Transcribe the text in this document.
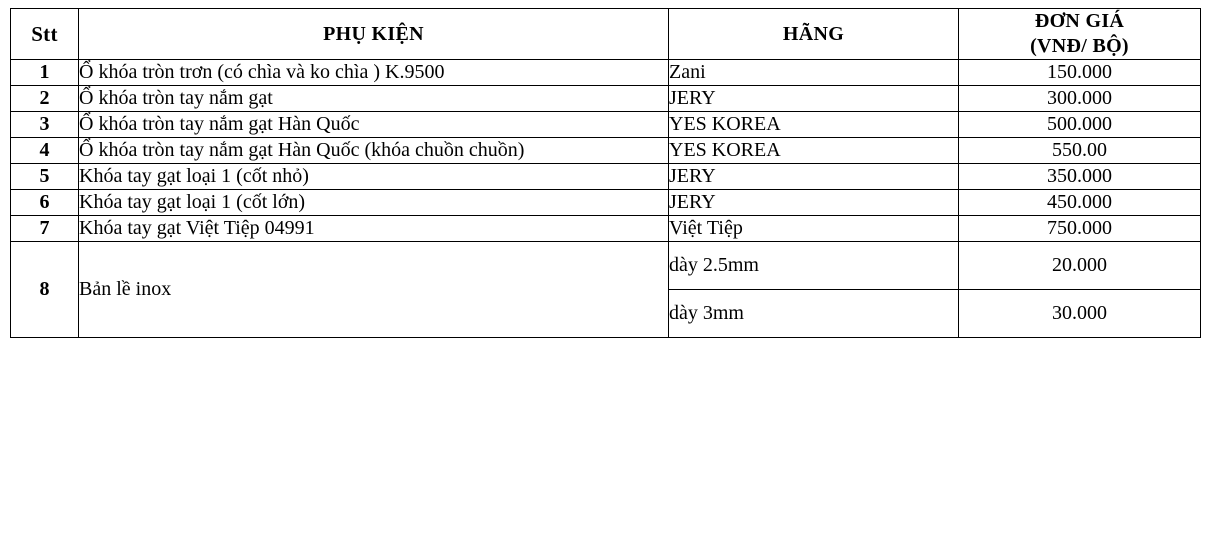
Stt	PHỤ KIỆN	HÃNG	ĐƠN GIÁ
(VNĐ/ BỘ)

1	Ổ khóa tròn trơn (có chìa và ko chìa ) K.9500	Zani	150.000
2	Ổ khóa tròn tay nắm gạt	JERY	300.000
3	Ổ khóa tròn tay nắm gạt Hàn Quốc	YES KOREA	500.000
4	Ổ khóa tròn tay nắm gạt Hàn Quốc (khóa chuồn chuồn)	YES KOREA	550.00
5	Khóa tay gạt loại 1 (cốt nhỏ)	JERY	350.000
6	Khóa tay gạt loại 1 (cốt lớn)	JERY	450.000
7	Khóa tay gạt Việt Tiệp 04991	Việt Tiệp	750.000
8	Bản lề inox	dày 2.5mm	20.000
		dày 3mm	30.000
